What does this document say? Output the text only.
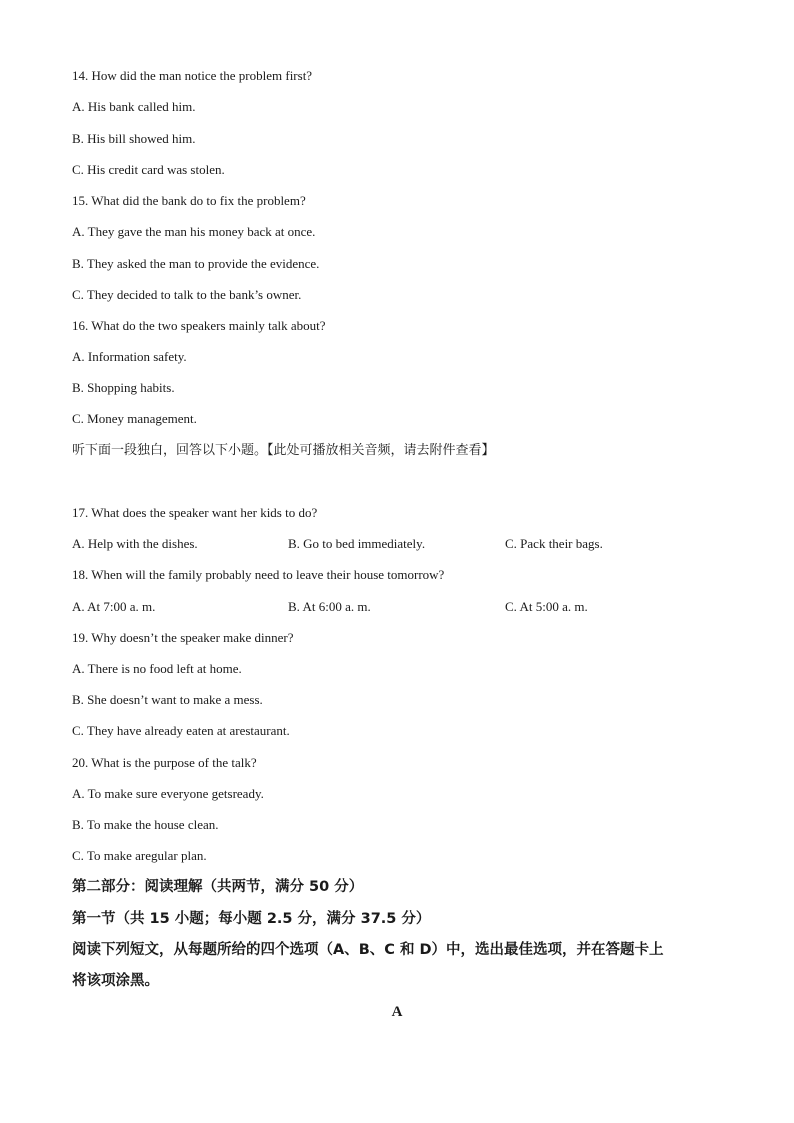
14. How did the man notice the problem first?
A. His bank called him.
B. His bill showed him.
C. His credit card was stolen.
15. What did the bank do to fix the problem?
A. They gave the man his money back at once.
B. They asked the man to provide the evidence.
C. They decided to talk to the bank’s owner.
16. What do the two speakers mainly talk about?
A. Information safety.
B. Shopping habits.
C. Money management.
听下面一段独白，回答以下小题。【此处可播放相关音频，请去附件查看】
17. What does the speaker want her kids to do?
A. Help with the dishes.	B. Go to bed immediately.	C. Pack their bags.
18. When will the family probably need to leave their house tomorrow?
A. At 7:00 a. m.	B. At 6:00 a. m.	C. At 5:00 a. m.
19. Why doesn’t the speaker make dinner?
A. There is no food left at home.
B. She doesn’t want to make a mess.
C. They have already eaten at arestaurant.
20. What is the purpose of the talk?
A. To make sure everyone getsready.
B. To make the house clean.
C. To make aregular plan.
第二部分：阅读理解（共两节，满分 50 分）
第一节（共 15 小题；每小题 2.5 分，满分 37.5 分）
阅读下列短文，从每题所给的四个选项（A、B、C 和 D）中，选出最佳选项，并在答题卡上
将该项涂黑。
A
